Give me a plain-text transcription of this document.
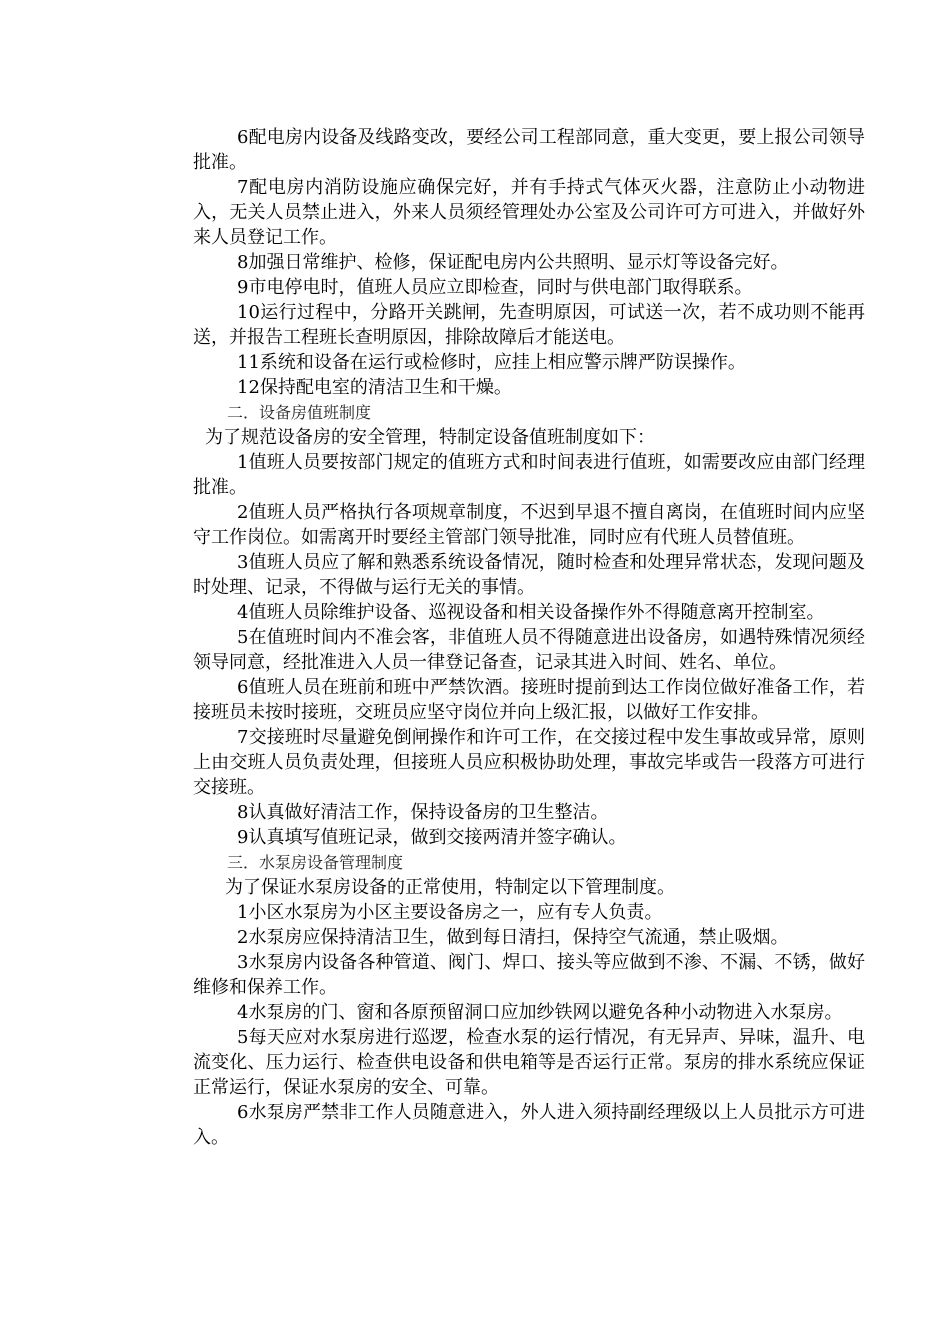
6配电房内设备及线路变改，要经公司工程部同意，重大变更，要上报公司领导批准。

7配电房内消防设施应确保完好，并有手持式气体灭火器，注意防止小动物进入，无关人员禁止进入，外来人员须经管理处办公室及公司许可方可进入，并做好外来人员登记工作。

8加强日常维护、检修，保证配电房内公共照明、显示灯等设备完好。

9市电停电时，值班人员应立即检查，同时与供电部门取得联系。

10运行过程中，分路开关跳闸，先查明原因，可试送一次，若不成功则不能再送，并报告工程班长查明原因，排除故障后才能送电。

11系统和设备在运行或检修时，应挂上相应警示牌严防误操作。

12保持配电室的清洁卫生和干燥。

二．设备房值班制度

为了规范设备房的安全管理，特制定设备值班制度如下：

1值班人员要按部门规定的值班方式和时间表进行值班，如需要改应由部门经理批准。

2值班人员严格执行各项规章制度，不迟到早退不擅自离岗，在值班时间内应坚守工作岗位。如需离开时要经主管部门领导批准，同时应有代班人员替值班。

3值班人员应了解和熟悉系统设备情况，随时检查和处理异常状态，发现问题及时处理、记录，不得做与运行无关的事情。

4值班人员除维护设备、巡视设备和相关设备操作外不得随意离开控制室。

5在值班时间内不准会客，非值班人员不得随意进出设备房，如遇特殊情况须经领导同意，经批准进入人员一律登记备查，记录其进入时间、姓名、单位。

6值班人员在班前和班中严禁饮酒。接班时提前到达工作岗位做好准备工作，若接班员未按时接班，交班员应坚守岗位并向上级汇报，以做好工作安排。

7交接班时尽量避免倒闸操作和许可工作，在交接过程中发生事故或异常，原则上由交班人员负责处理，但接班人员应积极协助处理，事故完毕或告一段落方可进行交接班。

8认真做好清洁工作，保持设备房的卫生整洁。

9认真填写值班记录，做到交接两清并签字确认。

三．水泵房设备管理制度

为了保证水泵房设备的正常使用，特制定以下管理制度。

1小区水泵房为小区主要设备房之一，应有专人负责。

2水泵房应保持清洁卫生，做到每日清扫，保持空气流通，禁止吸烟。

3水泵房内设备各种管道、阀门、焊口、接头等应做到不渗、不漏、不锈，做好维修和保养工作。

4水泵房的门、窗和各原预留洞口应加纱铁网以避免各种小动物进入水泵房。

5每天应对水泵房进行巡逻，检查水泵的运行情况，有无异声、异味，温升、电流变化、压力运行、检查供电设备和供电箱等是否运行正常。泵房的排水系统应保证正常运行，保证水泵房的安全、可靠。

6水泵房严禁非工作人员随意进入，外人进入须持副经理级以上人员批示方可进入。
